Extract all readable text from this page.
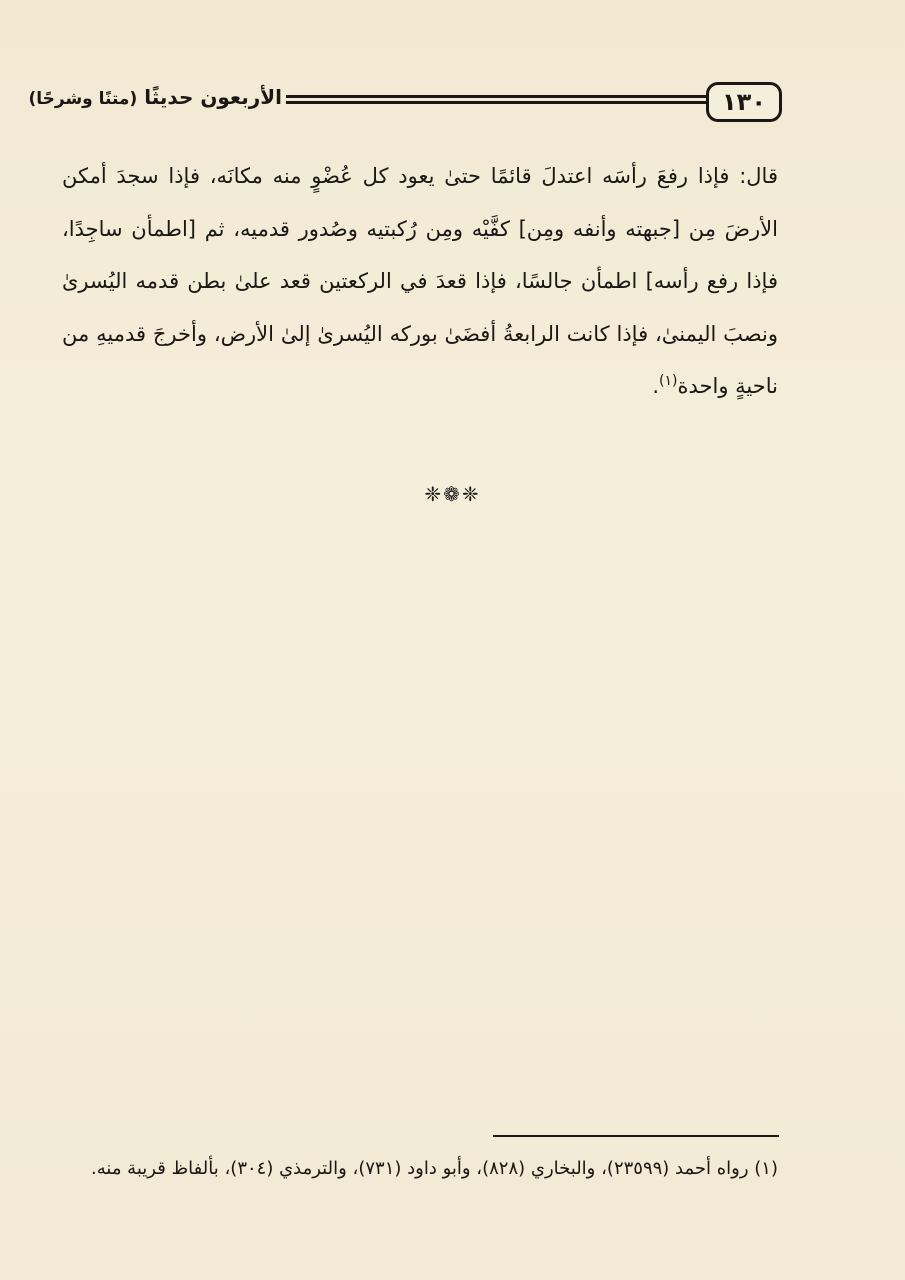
الأربعون حديثًا (متنًا وشرحًا)	١٣٠

قال: فإذا رفعَ رأسَه اعتدلَ قائمًا حتىٰ يعود كل عُضْوٍ منه مكانَه، فإذا سجدَ أمكن الأرضَ مِن [جبهته وأنفه ومِن] كفَّيْه ومِن رُكبتيه وصُدور قدميه، ثم [اطمأن ساجِدًا، فإذا رفع رأسه] اطمأن جالسًا، فإذا قعدَ في الركعتين قعد علىٰ بطن قدمه اليُسرىٰ ونصبَ اليمنىٰ، فإذا كانت الرابعةُ أفضَىٰ بوركه اليُسرىٰ إلىٰ الأرض، وأخرجَ قدميهِ من ناحيةٍ واحدة$^{(١)}$.

❈❁❈

(١) رواه أحمد (٢٣٥٩٩)، والبخاري (٨٢٨)، وأبو داود (٧٣١)، والترمذي (٣٠٤)، بألفاظ قريبة منه.
